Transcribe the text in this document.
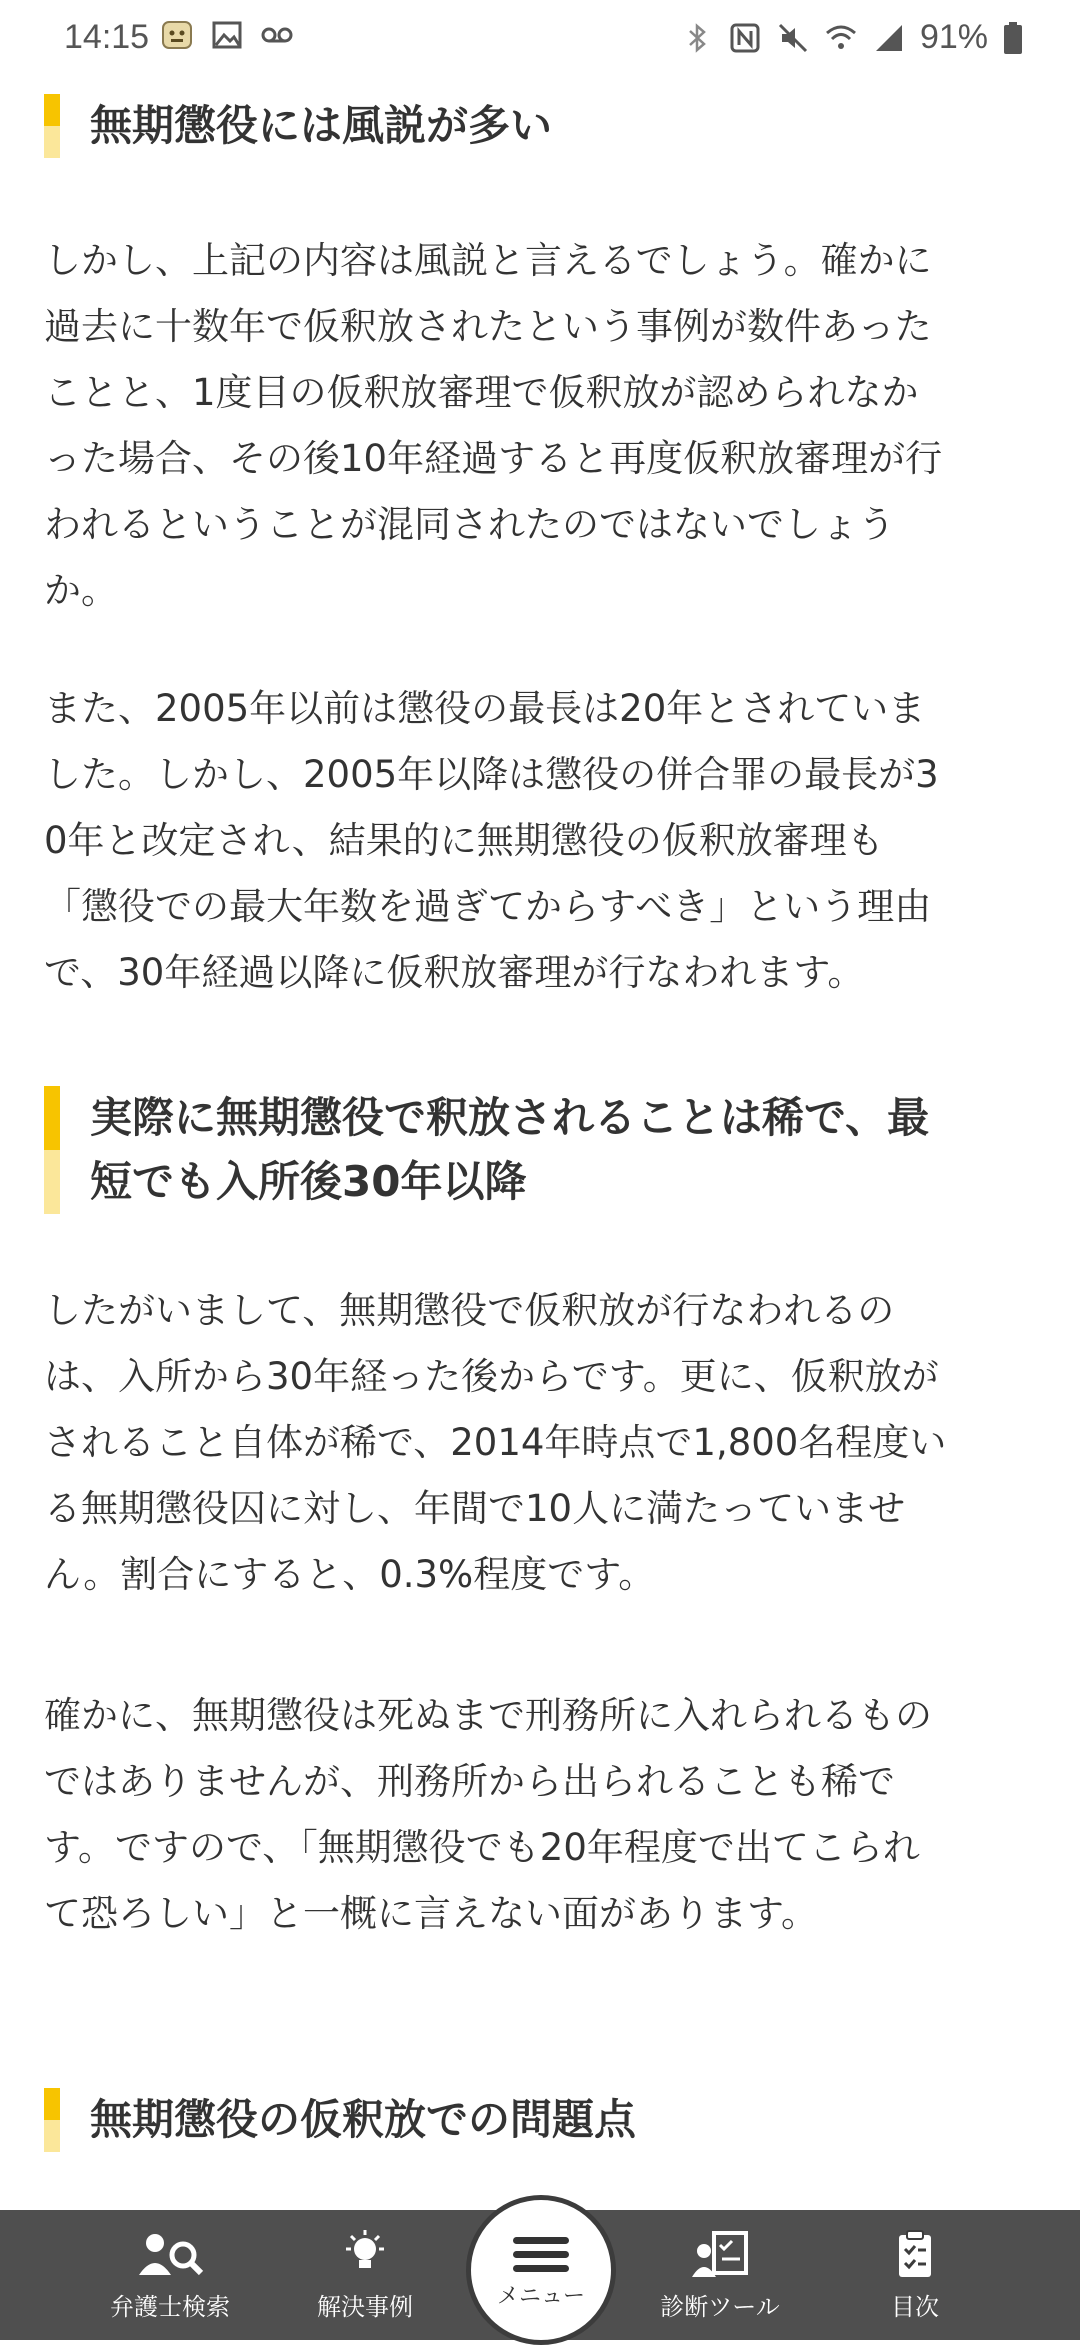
14:15	91%
無期懲役には風説が多い
しかし、上記の内容は風説と言えるでしょう。確かに
過去に十数年で仮釈放されたという事例が数件あった
ことと、1度目の仮釈放審理で仮釈放が認められなか
った場合、その後10年経過すると再度仮釈放審理が行
われるということが混同されたのではないでしょう
か。
また、2005年以前は懲役の最長は20年とされていま
した。しかし、2005年以降は懲役の併合罪の最長が3
0年と改定され、結果的に無期懲役の仮釈放審理も
「懲役での最大年数を過ぎてからすべき」という理由
で、30年経過以降に仮釈放審理が行なわれます。
実際に無期懲役で釈放されることは稀で、最
短でも入所後30年以降
したがいまして、無期懲役で仮釈放が行なわれるの
は、入所から30年経った後からです。更に、仮釈放が
されること自体が稀で、2014年時点で1,800名程度い
る無期懲役囚に対し、年間で10人に満たっていませ
ん。割合にすると、0.3%程度です。
確かに、無期懲役は死ぬまで刑務所に入れられるもの
ではありませんが、刑務所から出られることも稀で
す。ですので、「無期懲役でも20年程度で出てこられ
て恐ろしい」と一概に言えない面があります。
無期懲役の仮釈放での問題点
弁護士検索	解決事例	診断ツール	目次
メニュー
